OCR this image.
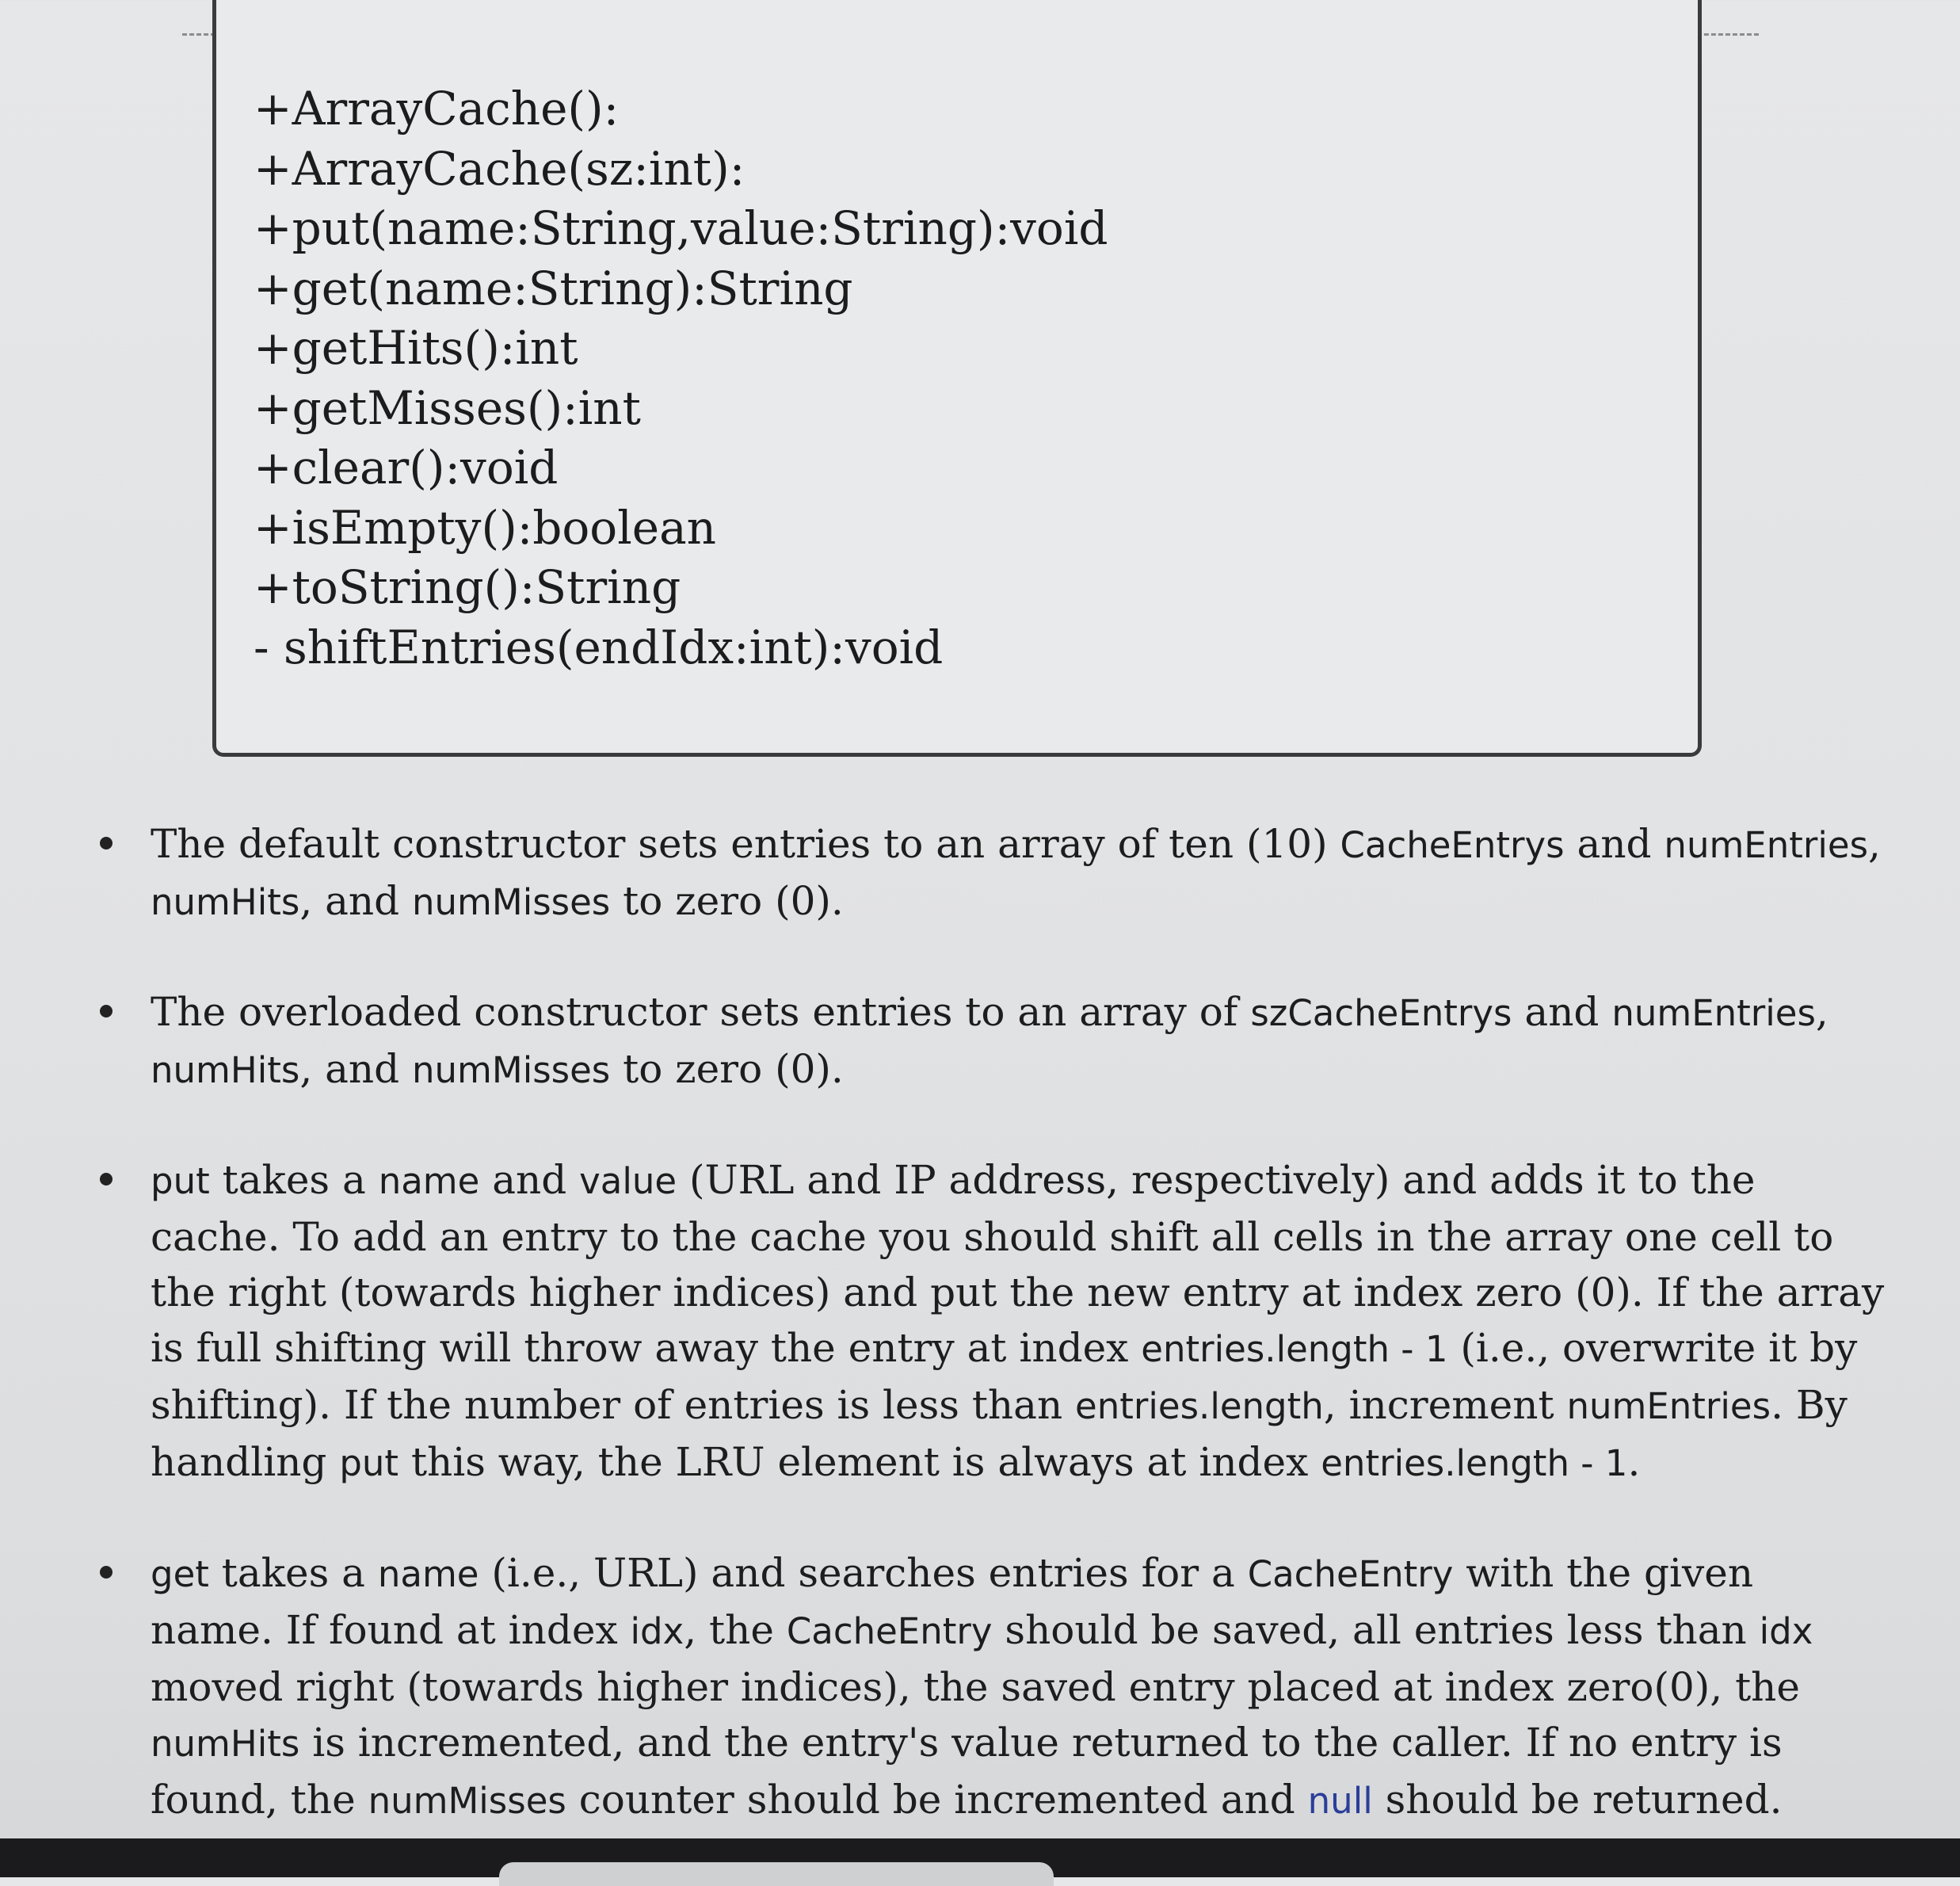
+ArrayCache():
+ArrayCache(sz:int):
+put(name:String,value:String):void
+get(name:String):String
+getHits():int
+getMisses():int
+clear():void
+isEmpty():boolean
+toString():String
- shiftEntries(endIdx:int):void
The default constructor sets entries to an array of ten (10) CacheEntrys and numEntries, numHits, and numMisses to zero (0).
The overloaded constructor sets entries to an array of szCacheEntrys and numEntries, numHits, and numMisses to zero (0).
put takes a name and value (URL and IP address, respectively) and adds it to the cache. To add an entry to the cache you should shift all cells in the array one cell to the right (towards higher indices) and put the new entry at index zero (0). If the array is full shifting will throw away the entry at index entries.length - 1 (i.e., overwrite it by shifting). If the number of entries is less than entries.length, increment numEntries. By handling put this way, the LRU element is always at index entries.length - 1.
get takes a name (i.e., URL) and searches entries for a CacheEntry with the given name. If found at index idx, the CacheEntry should be saved, all entries less than idx moved right (towards higher indices), the saved entry placed at index zero(0), the numHits is incremented, and the entry's value returned to the caller. If no entry is found, the numMisses counter should be incremented and null should be returned.
